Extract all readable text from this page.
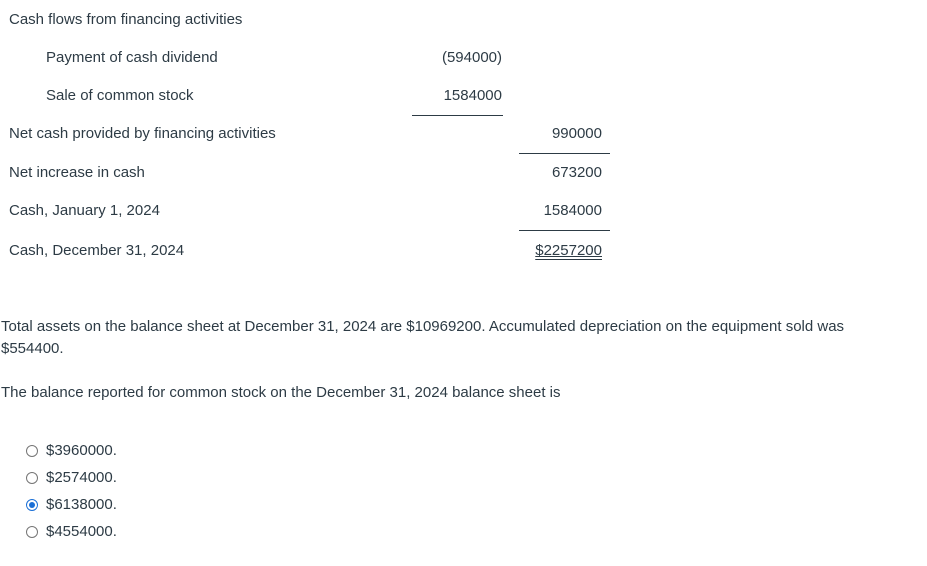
Cash flows from financing activities
Payment of cash dividend	(594000)
Sale of common stock	1584000
Net cash provided by financing activities	990000
Net increase in cash	673200
Cash, January 1, 2024	1584000
Cash, December 31, 2024	$2257200
Total assets on the balance sheet at December 31, 2024 are $10969200. Accumulated depreciation on the equipment sold was $554400.
The balance reported for common stock on the December 31, 2024 balance sheet is
$3960000.
$2574000.
$6138000.
$4554000.
